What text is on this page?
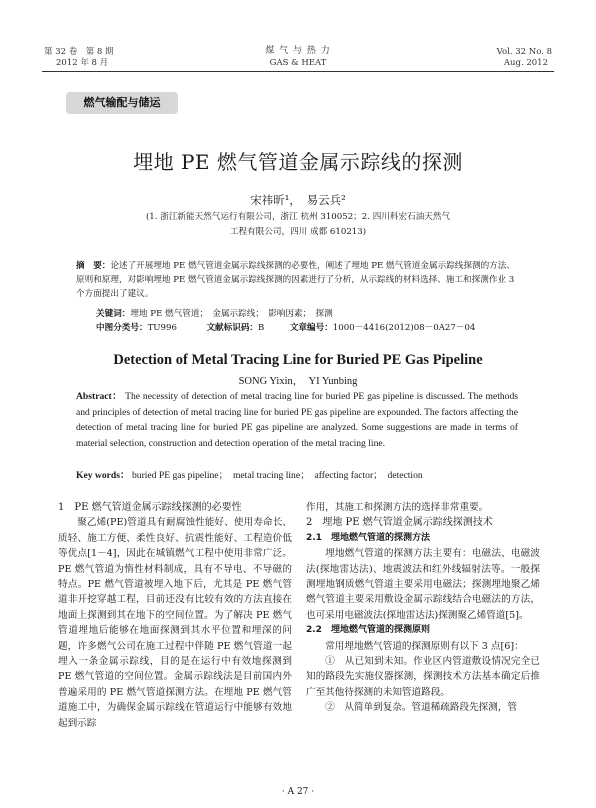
第 32 卷　第 8 期
2012 年 8 月
煤 气 与 热 力
GAS & HEAT
Vol. 32 No. 8
Aug. 2012
燃气输配与储运
埋地 PE 燃气管道金属示踪线的探测
宋祎昕¹，　易云兵²
(1. 浙江新能天然气运行有限公司，浙江 杭州 310052；2. 四川科宏石油天然气
工程有限公司，四川 成都 610213)
摘　要：论述了开展埋地 PE 燃气管道金属示踪线探测的必要性，阐述了埋地 PE 燃气管道金属示踪线探测的方法、原则和原理，对影响埋地 PE 燃气管道金属示踪线探测的因素进行了分析，从示踪线的材料选择、施工和探测作业 3 个方面提出了建议。
关键词：埋地 PE 燃气管道；　金属示踪线；　影响因素；　探测
中图分类号：TU996	文献标识码：B	文章编号：1000－4416(2012)08－0A27－04
Detection of Metal Tracing Line for Buried PE Gas Pipeline
SONG Yixin，　YI Yunbing
Abstract： The necessity of detection of metal tracing line for buried PE gas pipeline is discussed. The methods and principles of detection of metal tracing line for buried PE gas pipeline are expounded. The factors affecting the detection of metal tracing line for buried PE gas pipeline are analyzed. Some suggestions are made in terms of material selection, construction and detection operation of the metal tracing line.
Key words： buried PE gas pipeline；　metal tracing line；　affecting factor；　detection

1　PE 燃气管道金属示踪线探测的必要性

聚乙烯(PE)管道具有耐腐蚀性能好、使用寿命长、质轻、施工方便、柔性良好、抗震性能好、工程造价低等优点[1－4]，因此在城镇燃气工程中使用非常广泛。PE 燃气管道为惰性材料制成，具有不导电、不导磁的特点。PE 燃气管道被埋入地下后，尤其是 PE 燃气管道非开挖穿越工程，目前还没有比较有效的方法直接在地面上探测到其在地下的空间位置。为了解决 PE 燃气管道埋地后能够在地面探测到其水平位置和埋深的问题，许多燃气公司在施工过程中伴随 PE 燃气管道一起埋入一条金属示踪线，目的是在运行中有效地探测到 PE 燃气管道的空间位置。金属示踪线法是目前国内外普遍采用的 PE 燃气管道探测方法。在埋地 PE 燃气管道施工中，为确保金属示踪线在管道运行中能够有效地起到示踪

作用，其施工和探测方法的选择非常重要。

2　埋地 PE 燃气管道金属示踪线探测技术

2.1　埋地燃气管道的探测方法

埋地燃气管道的探测方法主要有：电磁法、电磁波法(探地雷达法)、地震波法和红外线辐射法等。一般探测埋地钢质燃气管道主要采用电磁法；探测埋地聚乙烯燃气管道主要采用敷设金属示踪线结合电磁法的方法，也可采用电磁波法(探地雷达法)探测聚乙烯管道[5]。

2.2　埋地燃气管道的探测原则

常用埋地燃气管道的探测原则有以下 3 点[6]：

①　从已知到未知。作业区内管道敷设情况完全已知的路段先实施仪器探测，探测技术方法基本确定后推广至其他待探测的未知管道路段。

②　从简单到复杂。管道稀疏路段先探测，管

· A 27 ·
